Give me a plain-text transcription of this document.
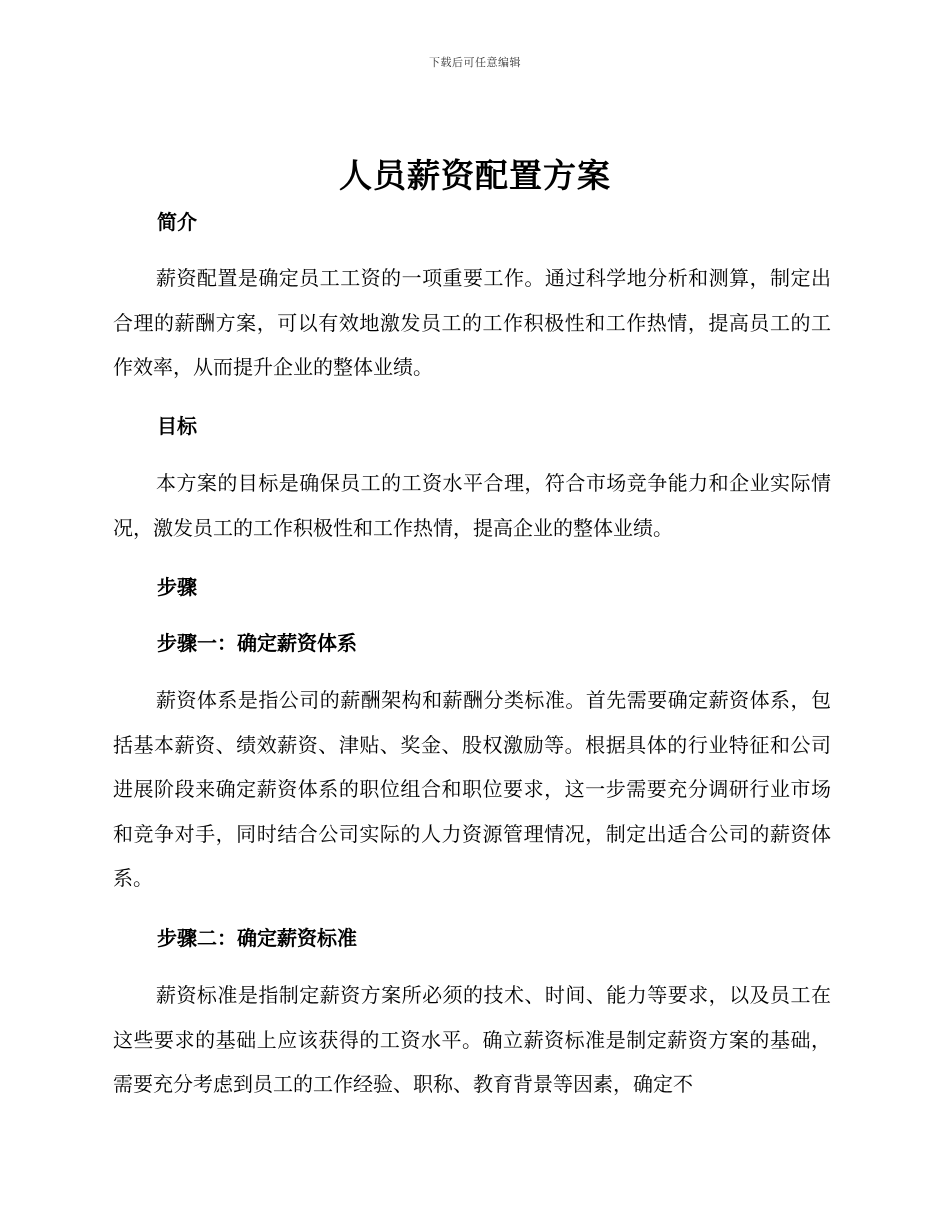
下载后可任意编辑
人员薪资配置方案
简介
薪资配置是确定员工工资的一项重要工作。通过科学地分析和测算，制定出合理的薪酬方案，可以有效地激发员工的工作积极性和工作热情，提高员工的工作效率，从而提升企业的整体业绩。
目标
本方案的目标是确保员工的工资水平合理，符合市场竞争能力和企业实际情况，激发员工的工作积极性和工作热情，提高企业的整体业绩。
步骤
步骤一：确定薪资体系
薪资体系是指公司的薪酬架构和薪酬分类标准。首先需要确定薪资体系，包括基本薪资、绩效薪资、津贴、奖金、股权激励等。根据具体的行业特征和公司进展阶段来确定薪资体系的职位组合和职位要求，这一步需要充分调研行业市场和竞争对手，同时结合公司实际的人力资源管理情况，制定出适合公司的薪资体系。
步骤二：确定薪资标准
薪资标准是指制定薪资方案所必须的技术、时间、能力等要求，以及员工在这些要求的基础上应该获得的工资水平。确立薪资标准是制定薪资方案的基础，需要充分考虑到员工的工作经验、职称、教育背景等因素，确定不
